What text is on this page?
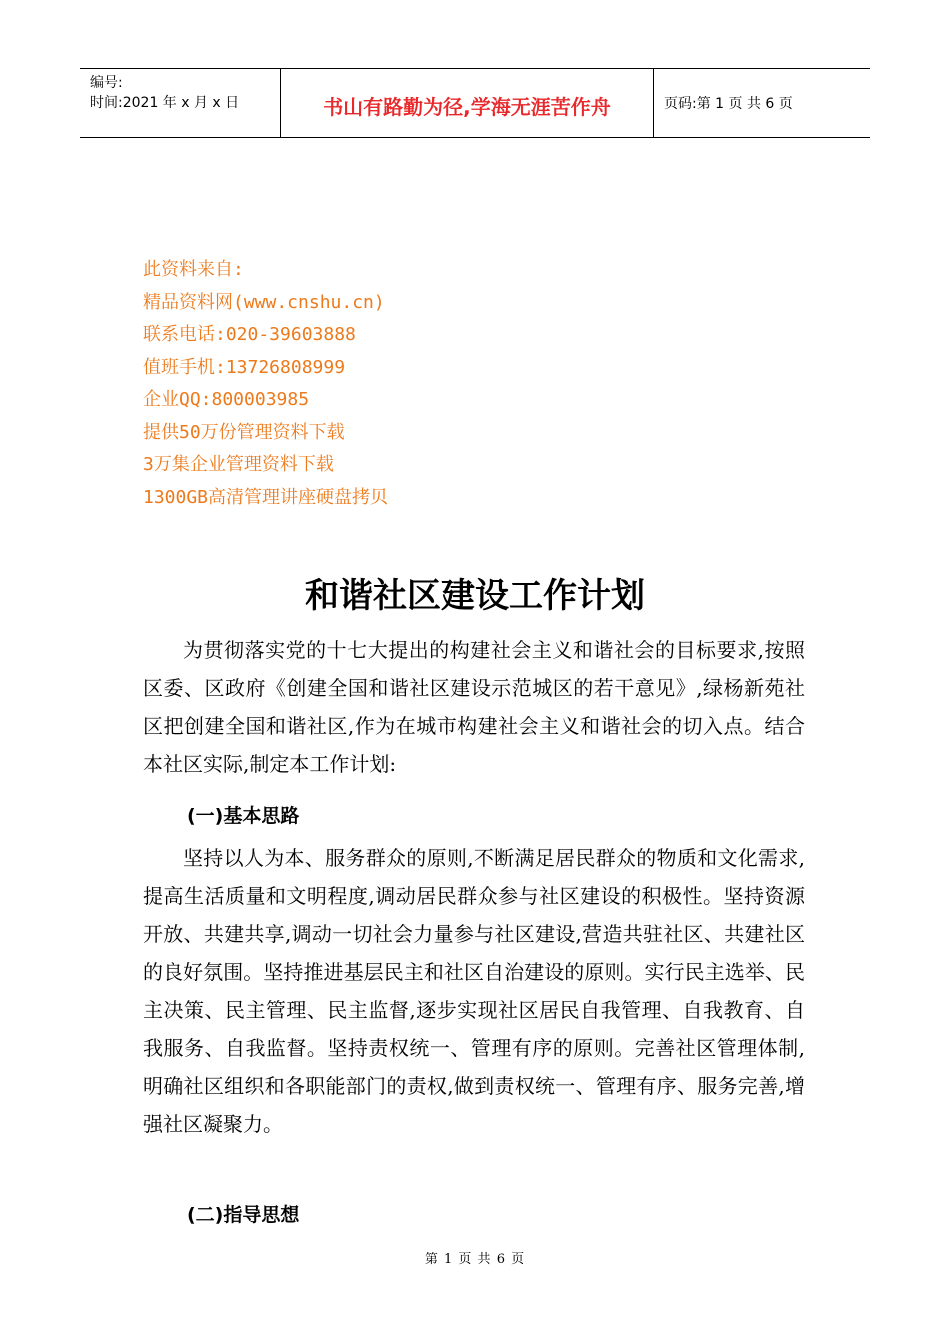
编号:
时间:2021 年 x 月 x 日	书山有路勤为径,学海无涯苦作舟	页码:第 1 页 共 6 页
此资料来自:
精品资料网(www.cnshu.cn)
联系电话:020-39603888
值班手机:13726808999
企业QQ:800003985
提供50万份管理资料下载
3万集企业管理资料下载
1300GB高清管理讲座硬盘拷贝
和谐社区建设工作计划
为贯彻落实党的十七大提出的构建社会主义和谐社会的目标要求,按照区委、区政府《创建全国和谐社区建设示范城区的若干意见》,绿杨新苑社区把创建全国和谐社区,作为在城市构建社会主义和谐社会的切入点。结合本社区实际,制定本工作计划:
(一)基本思路
坚持以人为本、服务群众的原则,不断满足居民群众的物质和文化需求,提高生活质量和文明程度,调动居民群众参与社区建设的积极性。坚持资源开放、共建共享,调动一切社会力量参与社区建设,营造共驻社区、共建社区的良好氛围。坚持推进基层民主和社区自治建设的原则。实行民主选举、民主决策、民主管理、民主监督,逐步实现社区居民自我管理、自我教育、自我服务、自我监督。坚持责权统一、管理有序的原则。完善社区管理体制,明确社区组织和各职能部门的责权,做到责权统一、管理有序、服务完善,增强社区凝聚力。
(二)指导思想
第 1 页 共 6 页
